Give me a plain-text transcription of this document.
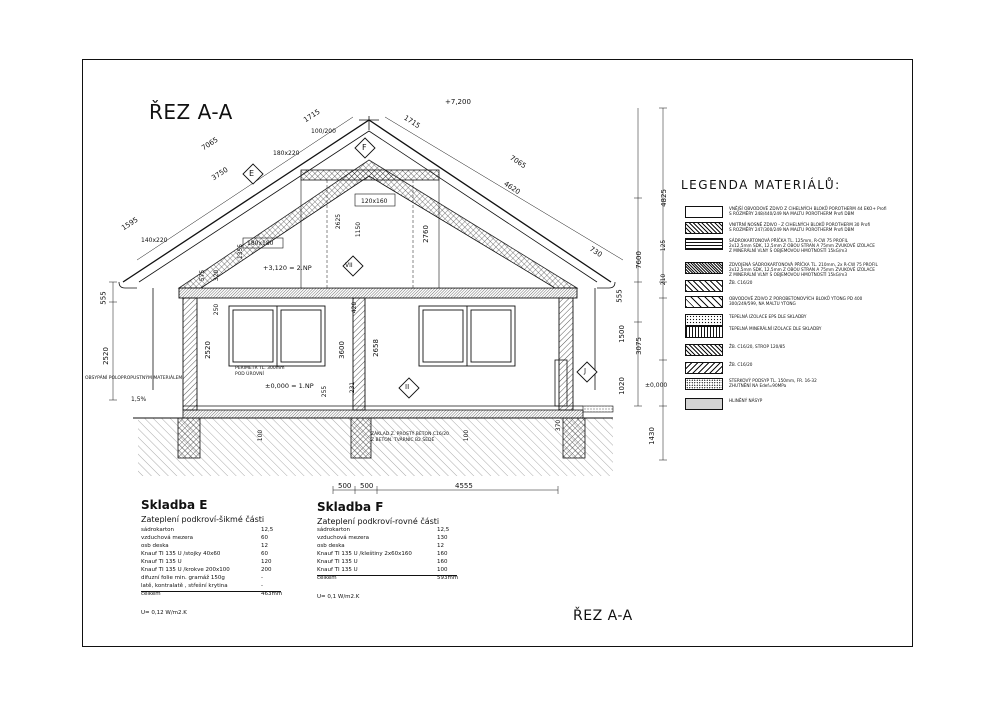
ŘEZ A-A
ŘEZ A-A
E
F
VII
II
J
7065
3750
1595
7065
4620
730
1715	1715
100/200
180x220
140x220
120x160
180x180
+7,200
+3,120 = 2.NP
±0,000 = 1.NP	±0,000
4825
7600
125
210
555
1500
3075
1020
1430
555
2520
1,5%
2520
250
3600	2658
2760
2625
1355
1150
575 320
420
255
100	100
370
231
500 500	4555
PERIMETR TL. 300mm
POD ÚROVNÍ
OBSYPÁNÍ POLOPROPUSTNÝM MATERIÁLEM
ZÁKLAD Z. PROSTÝ BETON C16/20
Z BETON. TVÁRNIC B2 ŠEDÉ
LEGENDA MATERIÁLŮ:
VNĚJŠÍ OBVODOVÉ ZDIVO Z CIHELNÝCH BLOKŮ POROTHERM 44 EKO+ Profi
S ROZMĚRY 248/440/249 NA MALTU POROTHERM Profi DBM
VNITŘNÍ NOSNÉ ZDIVO - Z CIHELNÝCH BLOKŮ POROTHERM 30 Profi
S ROZMĚRY 247/300/249 NA MALTU POROTHERM Profi DBM
SÁDROKARTONOVÁ PŘÍČKA TL. 125mm, R-CW 75 PROFIL
2x12,5mm SDK, 12,5mm Z OBOU STRAN A 75mm ZVUKOVÉ IZOLACE
Z MINERÁLNÍ VLNY S OBJEMOVOU HMOTNOSTÍ 15kG/m3
ZDVOJENÁ SÁDROKARTONOVÁ PŘÍČKA TL. 210mm, 2x R-CW 75 PROFIL
2x12,5mm SDK, 12,5mm Z OBOU STRAN A 75mm ZVUKOVÉ IZOLACE
Z MINERÁLNÍ VLNY S OBJEMOVOU HMOTNOSTÍ 15kG/m3
ŽB. C16/20
OBVODOVÉ ZDIVO Z POROBETONOVÝCH BLOKŮ YTONG PD 400
300/249/599, NA MALTU YTONG
TEPELNÁ IZOLACE EPS DLE SKLADBY
TEPELNÁ MINERÁLNÍ IZOLACE DLE SKLADBY
ŽB. C16/20, STROP 120/85
ŽB. C16/20
STERKOVÝ PODSYP TL. 150mm, FR. 16-32
ZHUTNĚNÍ NA Edef=90MPa
HLINĚNÝ NÁSYP
Skladba E
Zateplení podkroví-šikmé části
sádrokarton	12,5
vzduchová mezera	60
osb deska	12
Knauf TI 135 U /stojky 40x60	60
Knauf TI 135 U	120
Knauf TI 135 U /krokve 200x100	200
difuzní folie min. gramáž 150g	-
latě, kontralatě , střešní krytina	-
celkem	463mm
U= 0,12 W/m2.K
Skladba F
Zateplení podkroví-rovné části
sádrokarton	12,5
vzduchová mezera	130
osb deska	12
Knauf TI 135 U /kleštiny 2x60x160	160
Knauf TI 135 U	160
Knauf TI 135 U	100
celkem	593mm
U= 0,1 W/m2.K
